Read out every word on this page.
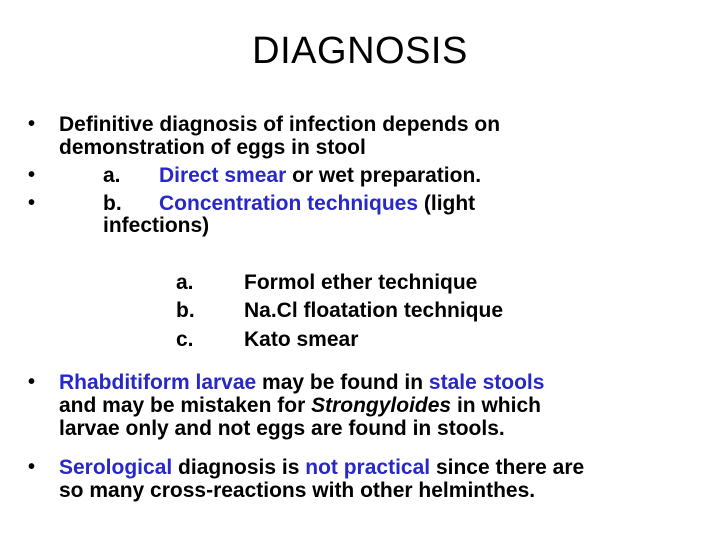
DIAGNOSIS
• Definitive diagnosis of infection depends on
demonstration of eggs in stool
•	a. Direct smear or wet preparation.
•	b. Concentration techniques (light
infections)
a. Formol ether technique
b. Na.Cl floatation technique
c. Kato smear
• Rhabditiform larvae may be found in stale stools
and may be mistaken for Strongyloides in which
larvae only and not eggs are found in stools.
• Serological diagnosis is not practical since there are
so many cross-reactions with other helminthes.
